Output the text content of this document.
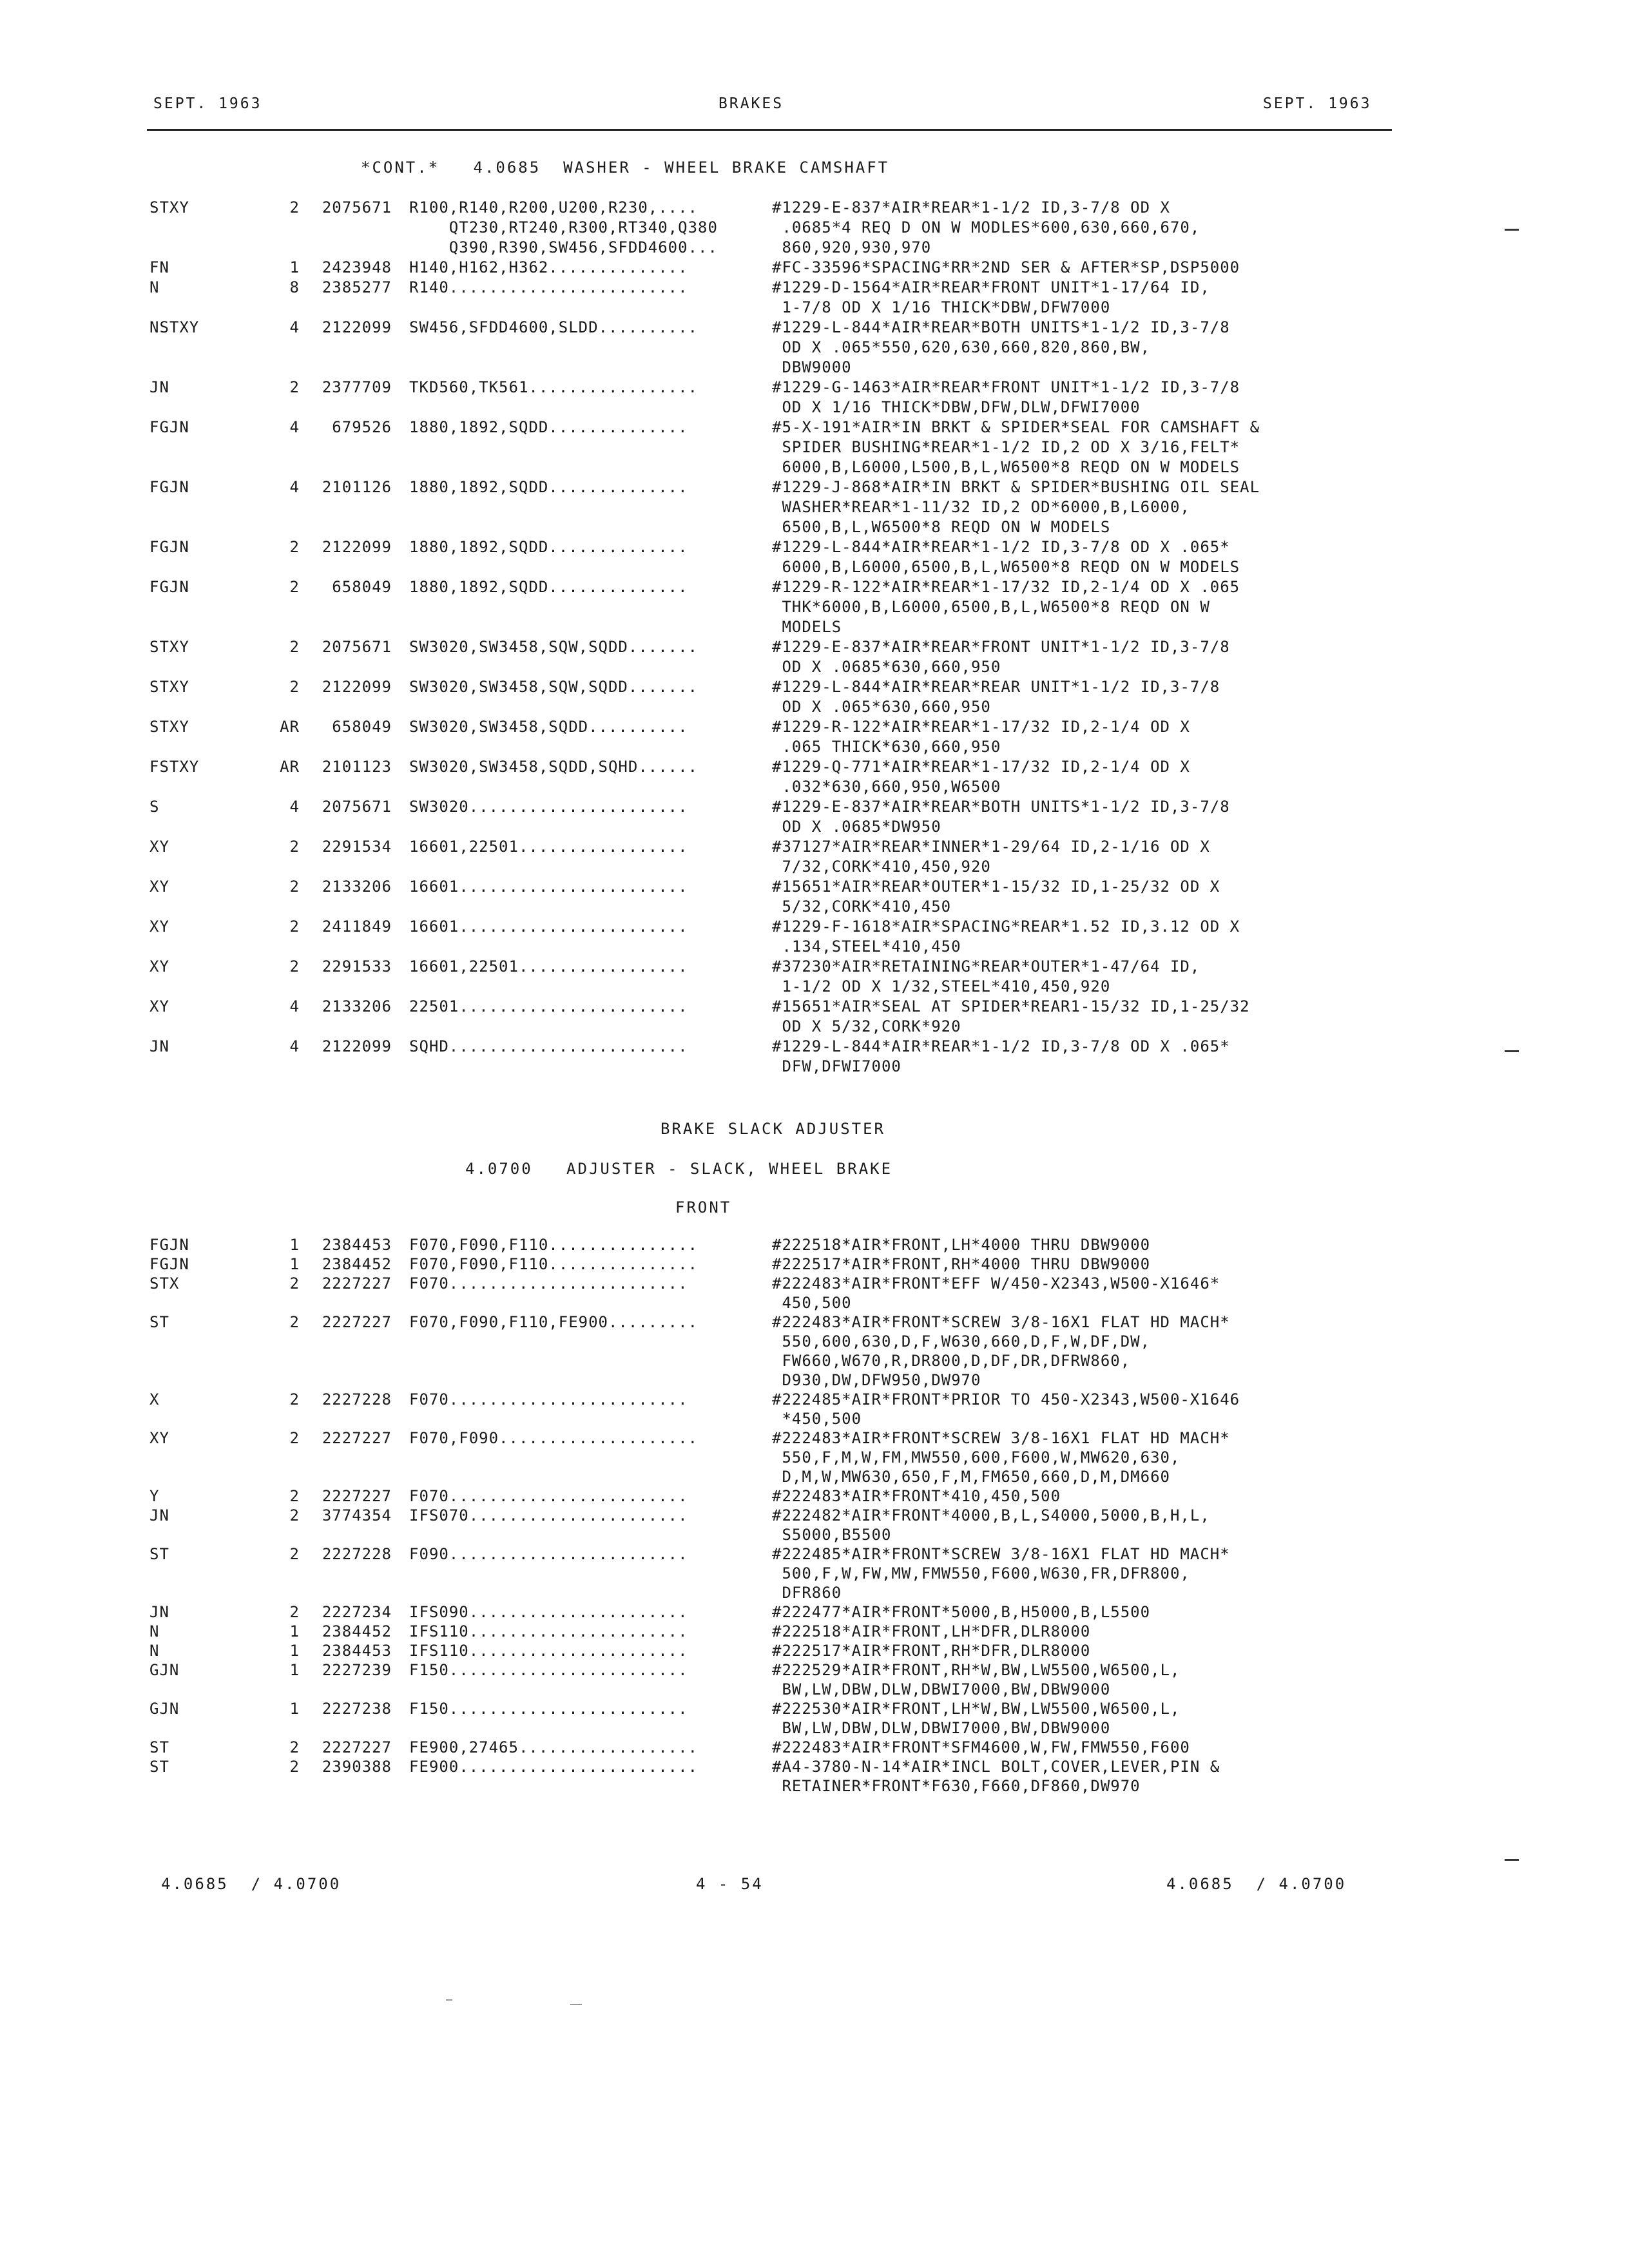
SEPT. 1963	BRAKES	SEPT. 1963
*CONT.*   4.0685  WASHER - WHEEL BRAKE CAMSHAFT
STXY	2	2075671 R100,R140,R200,U200,R230,....	#1229-E-837*AIR*REAR*1-1/2 ID,3-7/8 OD X
QT230,RT240,R300,RT340,Q380	.0685*4 REQ D ON W MODLES*600,630,660,670,
Q390,R390,SW456,SFDD4600...	860,920,930,970
FN	1	2423948 H140,H162,H362..............	#FC-33596*SPACING*RR*2ND SER & AFTER*SP,DSP5000
N	8	2385277 R140........................	#1229-D-1564*AIR*REAR*FRONT UNIT*1-17/64 ID,
1-7/8 OD X 1/16 THICK*DBW,DFW7000
NSTXY	4	2122099 SW456,SFDD4600,SLDD..........	#1229-L-844*AIR*REAR*BOTH UNITS*1-1/2 ID,3-7/8
OD X .065*550,620,630,660,820,860,BW,
DBW9000
JN	2	2377709 TKD560,TK561.................	#1229-G-1463*AIR*REAR*FRONT UNIT*1-1/2 ID,3-7/8
OD X 1/16 THICK*DBW,DFW,DLW,DFWI7000
FGJN	4	679526 1880,1892,SQDD..............	#5-X-191*AIR*IN BRKT & SPIDER*SEAL FOR CAMSHAFT &
SPIDER BUSHING*REAR*1-1/2 ID,2 OD X 3/16,FELT*
6000,B,L6000,L500,B,L,W6500*8 REQD ON W MODELS
FGJN	4	2101126 1880,1892,SQDD..............	#1229-J-868*AIR*IN BRKT & SPIDER*BUSHING OIL SEAL
WASHER*REAR*1-11/32 ID,2 OD*6000,B,L6000,
6500,B,L,W6500*8 REQD ON W MODELS
FGJN	2	2122099 1880,1892,SQDD..............	#1229-L-844*AIR*REAR*1-1/2 ID,3-7/8 OD X .065*
6000,B,L6000,6500,B,L,W6500*8 REQD ON W MODELS
FGJN	2	658049 1880,1892,SQDD..............	#1229-R-122*AIR*REAR*1-17/32 ID,2-1/4 OD X .065
THK*6000,B,L6000,6500,B,L,W6500*8 REQD ON W
MODELS
STXY	2	2075671 SW3020,SW3458,SQW,SQDD.......	#1229-E-837*AIR*REAR*FRONT UNIT*1-1/2 ID,3-7/8
OD X .0685*630,660,950
STXY	2	2122099 SW3020,SW3458,SQW,SQDD.......	#1229-L-844*AIR*REAR*REAR UNIT*1-1/2 ID,3-7/8
OD X .065*630,660,950
STXY	AR	658049 SW3020,SW3458,SQDD..........	#1229-R-122*AIR*REAR*1-17/32 ID,2-1/4 OD X
.065 THICK*630,660,950
FSTXY	AR	2101123 SW3020,SW3458,SQDD,SQHD......	#1229-Q-771*AIR*REAR*1-17/32 ID,2-1/4 OD X
.032*630,660,950,W6500
S	4	2075671 SW3020......................	#1229-E-837*AIR*REAR*BOTH UNITS*1-1/2 ID,3-7/8
OD X .0685*DW950
XY	2	2291534 16601,22501.................	#37127*AIR*REAR*INNER*1-29/64 ID,2-1/16 OD X
7/32,CORK*410,450,920
XY	2	2133206 16601.......................	#15651*AIR*REAR*OUTER*1-15/32 ID,1-25/32 OD X
5/32,CORK*410,450
XY	2	2411849 16601.......................	#1229-F-1618*AIR*SPACING*REAR*1.52 ID,3.12 OD X
.134,STEEL*410,450
XY	2	2291533 16601,22501.................	#37230*AIR*RETAINING*REAR*OUTER*1-47/64 ID,
1-1/2 OD X 1/32,STEEL*410,450,920
XY	4	2133206 22501.......................	#15651*AIR*SEAL AT SPIDER*REAR1-15/32 ID,1-25/32
OD X 5/32,CORK*920
JN	4	2122099 SQHD........................	#1229-L-844*AIR*REAR*1-1/2 ID,3-7/8 OD X .065*
DFW,DFWI7000
BRAKE SLACK ADJUSTER
4.0700   ADJUSTER - SLACK, WHEEL BRAKE
FRONT
FGJN	1	2384453 F070,F090,F110...............	#222518*AIR*FRONT,LH*4000 THRU DBW9000
FGJN	1	2384452 F070,F090,F110...............	#222517*AIR*FRONT,RH*4000 THRU DBW9000
STX	2	2227227 F070........................	#222483*AIR*FRONT*EFF W/450-X2343,W500-X1646*
450,500
ST	2	2227227 F070,F090,F110,FE900.........	#222483*AIR*FRONT*SCREW 3/8-16X1 FLAT HD MACH*
550,600,630,D,F,W630,660,D,F,W,DF,DW,
FW660,W670,R,DR800,D,DF,DR,DFRW860,
D930,DW,DFW950,DW970
X	2	2227228 F070........................	#222485*AIR*FRONT*PRIOR TO 450-X2343,W500-X1646
*450,500
XY	2	2227227 F070,F090....................	#222483*AIR*FRONT*SCREW 3/8-16X1 FLAT HD MACH*
550,F,M,W,FM,MW550,600,F600,W,MW620,630,
D,M,W,MW630,650,F,M,FM650,660,D,M,DM660
Y	2	2227227 F070........................	#222483*AIR*FRONT*410,450,500
JN	2	3774354 IFS070......................	#222482*AIR*FRONT*4000,B,L,S4000,5000,B,H,L,
S5000,B5500
ST	2	2227228 F090........................	#222485*AIR*FRONT*SCREW 3/8-16X1 FLAT HD MACH*
500,F,W,FW,MW,FMW550,F600,W630,FR,DFR800,
DFR860
JN	2	2227234 IFS090......................	#222477*AIR*FRONT*5000,B,H5000,B,L5500
N	1	2384452 IFS110......................	#222518*AIR*FRONT,LH*DFR,DLR8000
N	1	2384453 IFS110......................	#222517*AIR*FRONT,RH*DFR,DLR8000
GJN	1	2227239 F150........................	#222529*AIR*FRONT,RH*W,BW,LW5500,W6500,L,
BW,LW,DBW,DLW,DBWI7000,BW,DBW9000
GJN	1	2227238 F150........................	#222530*AIR*FRONT,LH*W,BW,LW5500,W6500,L,
BW,LW,DBW,DLW,DBWI7000,BW,DBW9000
ST	2	2227227 FE900,27465..................	#222483*AIR*FRONT*SFM4600,W,FW,FMW550,F600
ST	2	2390388 FE900........................	#A4-3780-N-14*AIR*INCL BOLT,COVER,LEVER,PIN &
RETAINER*FRONT*F630,F660,DF860,DW970
4.0685  / 4.0700	4 - 54	4.0685  / 4.0700
